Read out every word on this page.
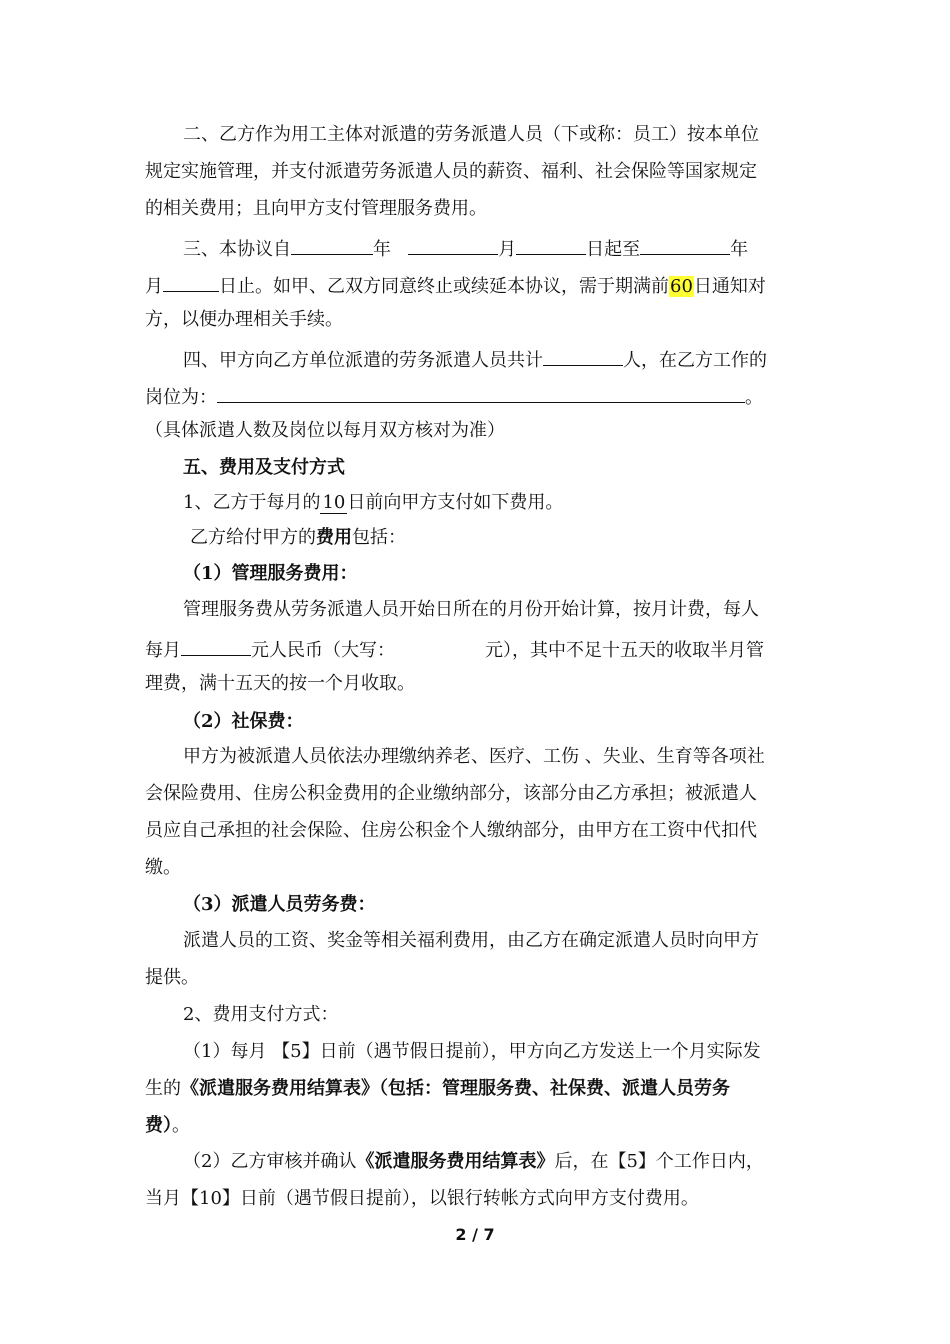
二、乙方作为用工主体对派遣的劳务派遣人员（下或称：员工）按本单位
规定实施管理，并支付派遣劳务派遣人员的薪资、福利、社会保险等国家规定
的相关费用；且向甲方支付管理服务费用。
三、本协议自	年	月	日起至	年
月	日止。如甲、乙双方同意终止或续延本协议，需于期满前60日通知对
方，以便办理相关手续。
四、甲方向乙方单位派遣的劳务派遣人员共计	人，在乙方工作的
岗位为：	。
（具体派遣人数及岗位以每月双方核对为准）
五、费用及支付方式
1、乙方于每月的 10 日前向甲方支付如下费用。
乙方给付甲方的费用包括：
（1）管理服务费用：
管理服务费从劳务派遣人员开始日所在的月份开始计算，按月计费，每人
每月	元人民币（大写：	元），其中不足十五天的收取半月管
理费，满十五天的按一个月收取。
（2）社保费：
甲方为被派遣人员依法办理缴纳养老、医疗、工伤 、失业、生育等各项社
会保险费用、住房公积金费用的企业缴纳部分，该部分由乙方承担；被派遣人
员应自己承担的社会保险、住房公积金个人缴纳部分，由甲方在工资中代扣代
缴。
（3）派遣人员劳务费：
派遣人员的工资、奖金等相关福利费用，由乙方在确定派遣人员时向甲方
提供。
2、费用支付方式：
（1）每月 【5】日前（遇节假日提前），甲方向乙方发送上一个月实际发
生的《派遣服务费用结算表》（包括：管理服务费、社保费、派遣人员劳务
费）。
（2）乙方审核并确认《派遣服务费用结算表》后，在【5】个工作日内，
当月【10】日前（遇节假日提前），以银行转帐方式向甲方支付费用。
2 / 7
